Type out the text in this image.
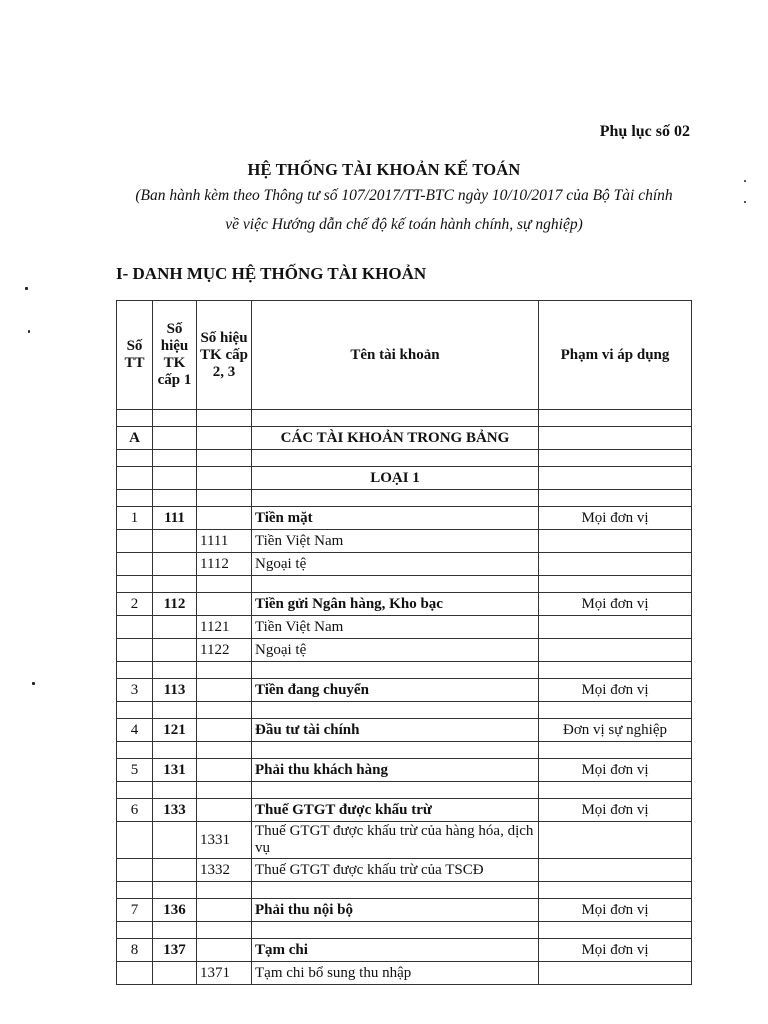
Phụ lục số 02
HỆ THỐNG TÀI KHOẢN KẾ TOÁN
(Ban hành kèm theo Thông tư số 107/2017/TT-BTC ngày 10/10/2017 của Bộ Tài chính
về việc Hướng dẫn chế độ kế toán hành chính, sự nghiệp)
I- DANH MỤC HỆ THỐNG TÀI KHOẢN
Số TT	Số hiệu TK cấp 1	Số hiệu TK cấp 2, 3	Tên tài khoản	Phạm vi áp dụng

A			CÁC TÀI KHOẢN TRONG BẢNG	

			LOẠI 1	

1	111		Tiền mặt	Mọi đơn vị
		1111	Tiền Việt Nam	
		1112	Ngoại tệ	

2	112		Tiền gửi Ngân hàng, Kho bạc	Mọi đơn vị
		1121	Tiền Việt Nam	
		1122	Ngoại tệ	

3	113		Tiền đang chuyển	Mọi đơn vị

4	121		Đầu tư tài chính	Đơn vị sự nghiệp

5	131		Phải thu khách hàng	Mọi đơn vị

6	133		Thuế GTGT được khấu trừ	Mọi đơn vị
		1331	Thuế GTGT được khấu trừ của hàng hóa, dịch vụ	
		1332	Thuế GTGT được khấu trừ của TSCĐ	

7	136		Phải thu nội bộ	Mọi đơn vị

8	137		Tạm chi	Mọi đơn vị
		1371	Tạm chi bổ sung thu nhập	
